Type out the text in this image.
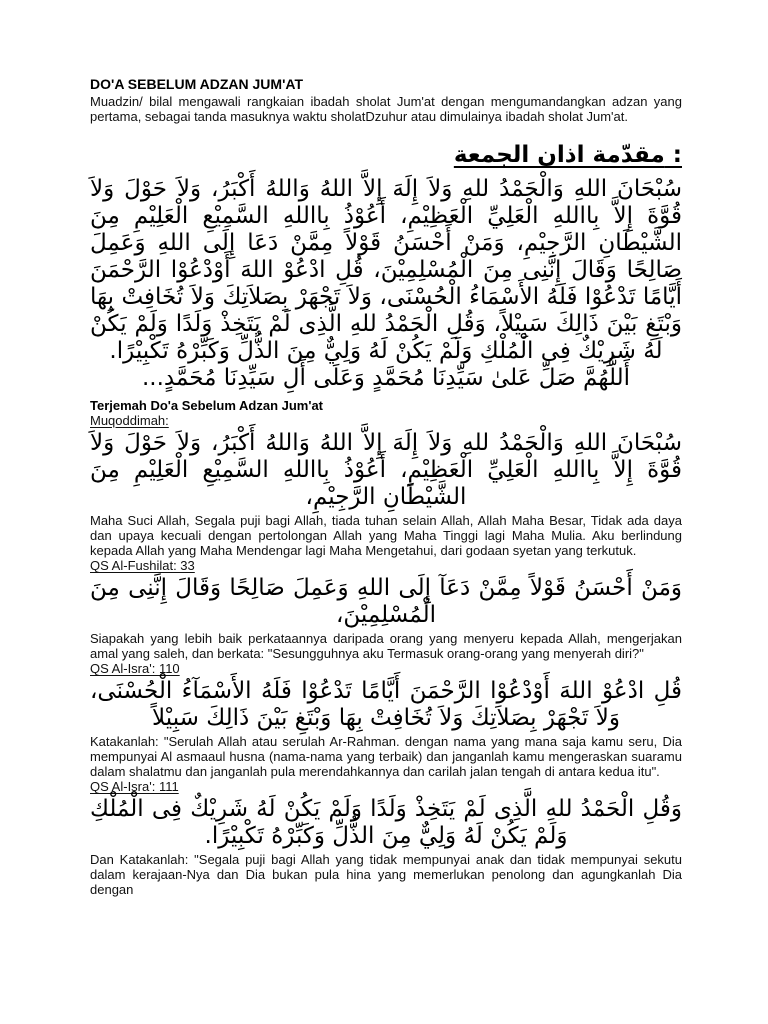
DO'A SEBELUM ADZAN JUM'AT
Muadzin/ bilal mengawali rangkaian ibadah sholat Jum'at dengan mengumandangkan adzan yang pertama, sebagai tanda masuknya waktu sholatDzuhur atau dimulainya ibadah sholat Jum'at.
مقدّمة اذان الجمعة :
سُبْحَانَ اللهِ وَالْحَمْدُ للهِ وَلاَ إِلَهَ إِلاَّ اللهُ وَاللهُ أَكْبَرُ، وَلاَ حَوْلَ وَلاَ قُوَّةَ إِلاَّ بِااللهِ الْعَلِيِّ الْعَظِيْمِ، أَعُوْذُ بِااللهِ السَّمِيْعِ الْعَلِيْمِ مِنَ الشَّيْطَانِ الرَّجِيْمِ، وَمَنْ أَحْسَنُ قَوْلاً مِمَّنْ دَعَا إِلَى اللهِ وَعَمِلَ صَالِحًا وَقَالَ إِنَّنِى مِنَ الْمُسْلِمِيْنَ، قُلِ ادْعُوْ اللهَ أَوْدْعُوْا الرَّحْمَنَ أَيَّامًا تَدْعُوْا فَلَهُ الأَسْمَاءُ الْحُسْنَى، وَلاَ تَجْهَرْ بِصَلاَتِكَ وَلاَ تُخَافِتْ بِهَا وَبْتَغِ بَيْنَ ذَالِكَ سَبِيْلاً، وَقُلِ الْحَمْدُ للهِ الَّذِى لَمْ يَتَخِذْ وَلَدًا وَلَمْ يَكُنْ لَهُ شَرِيْكٌ فِى الْمُلْكِ وَلَمْ يَكُنْ لَهُ وَلِيٌّ مِنَ الذُّلِّ وَكَبِّرْهُ تَكْبِيْرًا.
أَللَّهُمَّ صَلِّ عَلىٰ سَيِّدِنَا مُحَمَّدٍ وَعَلَى أَلِ سَيِّدِنَا مُحَمَّدٍ...
Terjemah Do'a Sebelum Adzan Jum'at
Muqoddimah:
سُبْحَانَ اللهِ وَالْحَمْدُ للهِ وَلاَ إِلَهَ إِلاَّ اللهُ وَاللهُ أَكْبَرُ، وَلاَ حَوْلَ وَلاَ قُوَّةَ إِلاَّ بِااللهِ الْعَلِيِّ الْعَظِيْمِ، أَعُوْذُ بِااللهِ السَّمِيْعِ الْعَلِيْمِ مِنَ الشَّيْطَانِ الرَّجِيْمِ،
Maha Suci Allah, Segala puji bagi Allah, tiada tuhan selain Allah, Allah Maha Besar, Tidak ada daya dan upaya kecuali dengan pertolongan Allah yang Maha Tinggi lagi Maha Mulia. Aku berlindung kepada Allah yang Maha Mendengar lagi Maha Mengetahui, dari godaan syetan yang terkutuk.
QS Al-Fushilat: 33
وَمَنْ أَحْسَنُ قَوْلاً مِمَّنْ دَعَآ إِلَى اللهِ وَعَمِلَ صَالِحًا وَقَالَ إِنَّنِى مِنَ الْمُسْلِمِيْنَ،
Siapakah yang lebih baik perkataannya daripada orang yang menyeru kepada Allah, mengerjakan amal yang saleh, dan berkata: "Sesungguhnya aku Termasuk orang-orang yang menyerah diri?"
QS Al-Isra': 110
قُلِ ادْعُوْ اللهَ أَوْدْعُوْا الرَّحْمَنَ أَيَّامًا تَدْعُوْا فَلَهُ الأَسْمَآءُ الْحُسْنَى، وَلاَ تَجْهَرْ بِصَلاَتِكَ وَلاَ تُخَافِتْ بِهَا وَبْتَغِ بَيْنَ ذَالِكَ سَبِيْلاً
Katakanlah: "Serulah Allah atau serulah Ar-Rahman. dengan nama yang mana saja kamu seru, Dia mempunyai Al asmaaul husna (nama-nama yang terbaik) dan janganlah kamu mengeraskan suaramu dalam shalatmu dan janganlah pula merendahkannya dan carilah jalan tengah di antara kedua itu".
QS Al-Isra': 111
وَقُلِ الْحَمْدُ للهِ الَّذِى لَمْ يَتَخِذْ وَلَدًا وَلَمْ يَكُنْ لَهُ شَرِيْكٌ فِى الْمُلْكِ وَلَمْ يَكُنْ لَهُ وَلِيٌّ مِنَ الذُّلِّ وَكَبِّرْهُ تَكْبِيْرًا.
Dan Katakanlah: "Segala puji bagi Allah yang tidak mempunyai anak dan tidak mempunyai sekutu dalam kerajaan-Nya dan Dia bukan pula hina yang memerlukan penolong dan agungkanlah Dia dengan
